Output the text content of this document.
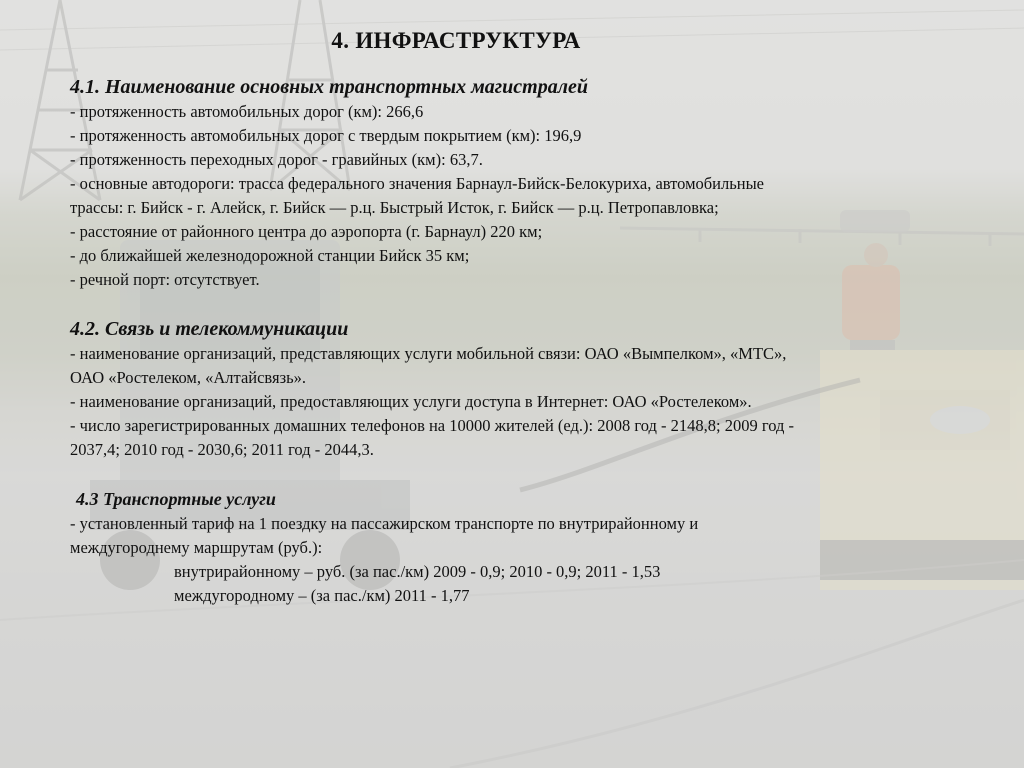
4. ИНФРАСТРУКТУРА
4.1. Наименование основных транспортных магистралей
- протяженность автомобильных дорог (км): 266,6
- протяженность автомобильных дорог с твердым покрытием (км): 196,9
- протяженность переходных дорог - гравийных (км): 63,7.
- основные автодороги: трасса федерального значения Барнаул-Бийск-Белокуриха, автомобильные
трассы: г. Бийск - г. Алейск, г. Бийск — р.ц. Быстрый Исток, г. Бийск — р.ц. Петропавловка;
- расстояние от районного центра до аэропорта (г. Барнаул) 220 км;
- до ближайшей железнодорожной станции Бийск 35 км;
- речной порт: отсутствует.
4.2. Связь и телекоммуникации
- наименование организаций, представляющих услуги мобильной связи: ОАО «Вымпелком», «МТС»,
ОАО «Ростелеком, «Алтайсвязь».
- наименование организаций, предоставляющих услуги доступа в Интернет: ОАО «Ростелеком».
- число зарегистрированных домашних телефонов на 10000 жителей (ед.): 2008 год - 2148,8; 2009 год -
2037,4; 2010 год - 2030,6; 2011 год - 2044,3.
4.3 Транспортные услуги
- установленный тариф на 1 поездку на пассажирском транспорте по внутрирайонному и
междугороднему маршрутам (руб.):
внутрирайонному – руб. (за пас./км) 2009 - 0,9; 2010 - 0,9; 2011 - 1,53
междугородному – (за пас./км) 2011 - 1,77
